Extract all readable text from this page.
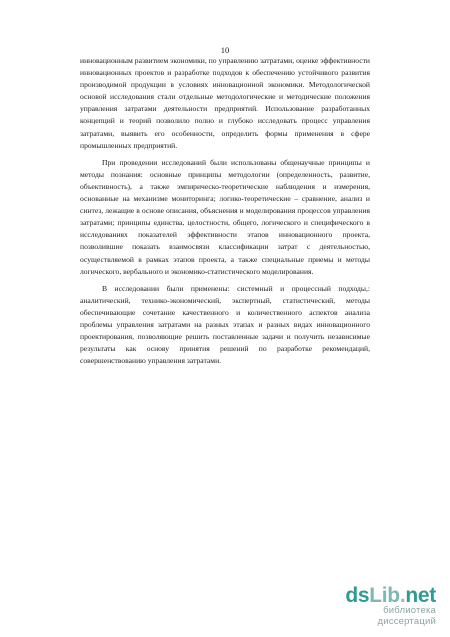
10

инновационным развитием экономики, по управлению затратами, оценке эффективности инновационных проектов и разработке подходов к обеспечению устойчивого развития производимой продукции в условиях инновационной экономики. Методологической основой исследования стали отдельные методологические и методические положения управления затратами деятельности предприятий. Использование разработанных концепций и теорий позволило полно и глубоко исследовать процесс управления затратами, выявить его особенности, определить формы применения в сфере промышленных предприятий.

При проведении исследований были использованы общенаучные принципы и методы познания: основные принципы методологии (определенность, развитие, объективность), а также эмпирическо-теоретические наблюдения и измерения, основанные на механизме мониторинга; логико-теоретические – сравнение, анализ и синтез, лежащие в основе описания, объяснения и моделирования процессов управления затратами; принципы единства, целостности, общего, логического и специфического в исследованиях показателей эффективности этапов инновационного проекта, позволившие показать взаимосвязи классификации затрат с деятельностью, осуществляемой в рамках этапов проекта, а также специальные приемы и методы логического, вербального и экономико-статистического моделирования.

В исследовании были применены: системный и процессный подходы,: аналитический, технико-экономический, экспертный, статистический, методы обеспечивающие сочетание качественного и количественного аспектов анализа проблемы управления затратами на разных этапах и разных видах инновационного проектирования, позволяющие решить поставленные задачи и получить независимые результаты как основу принятия решений по разработке рекомендаций, совершенствованию управления затратами.

dsLib.net
библиотека диссертаций
